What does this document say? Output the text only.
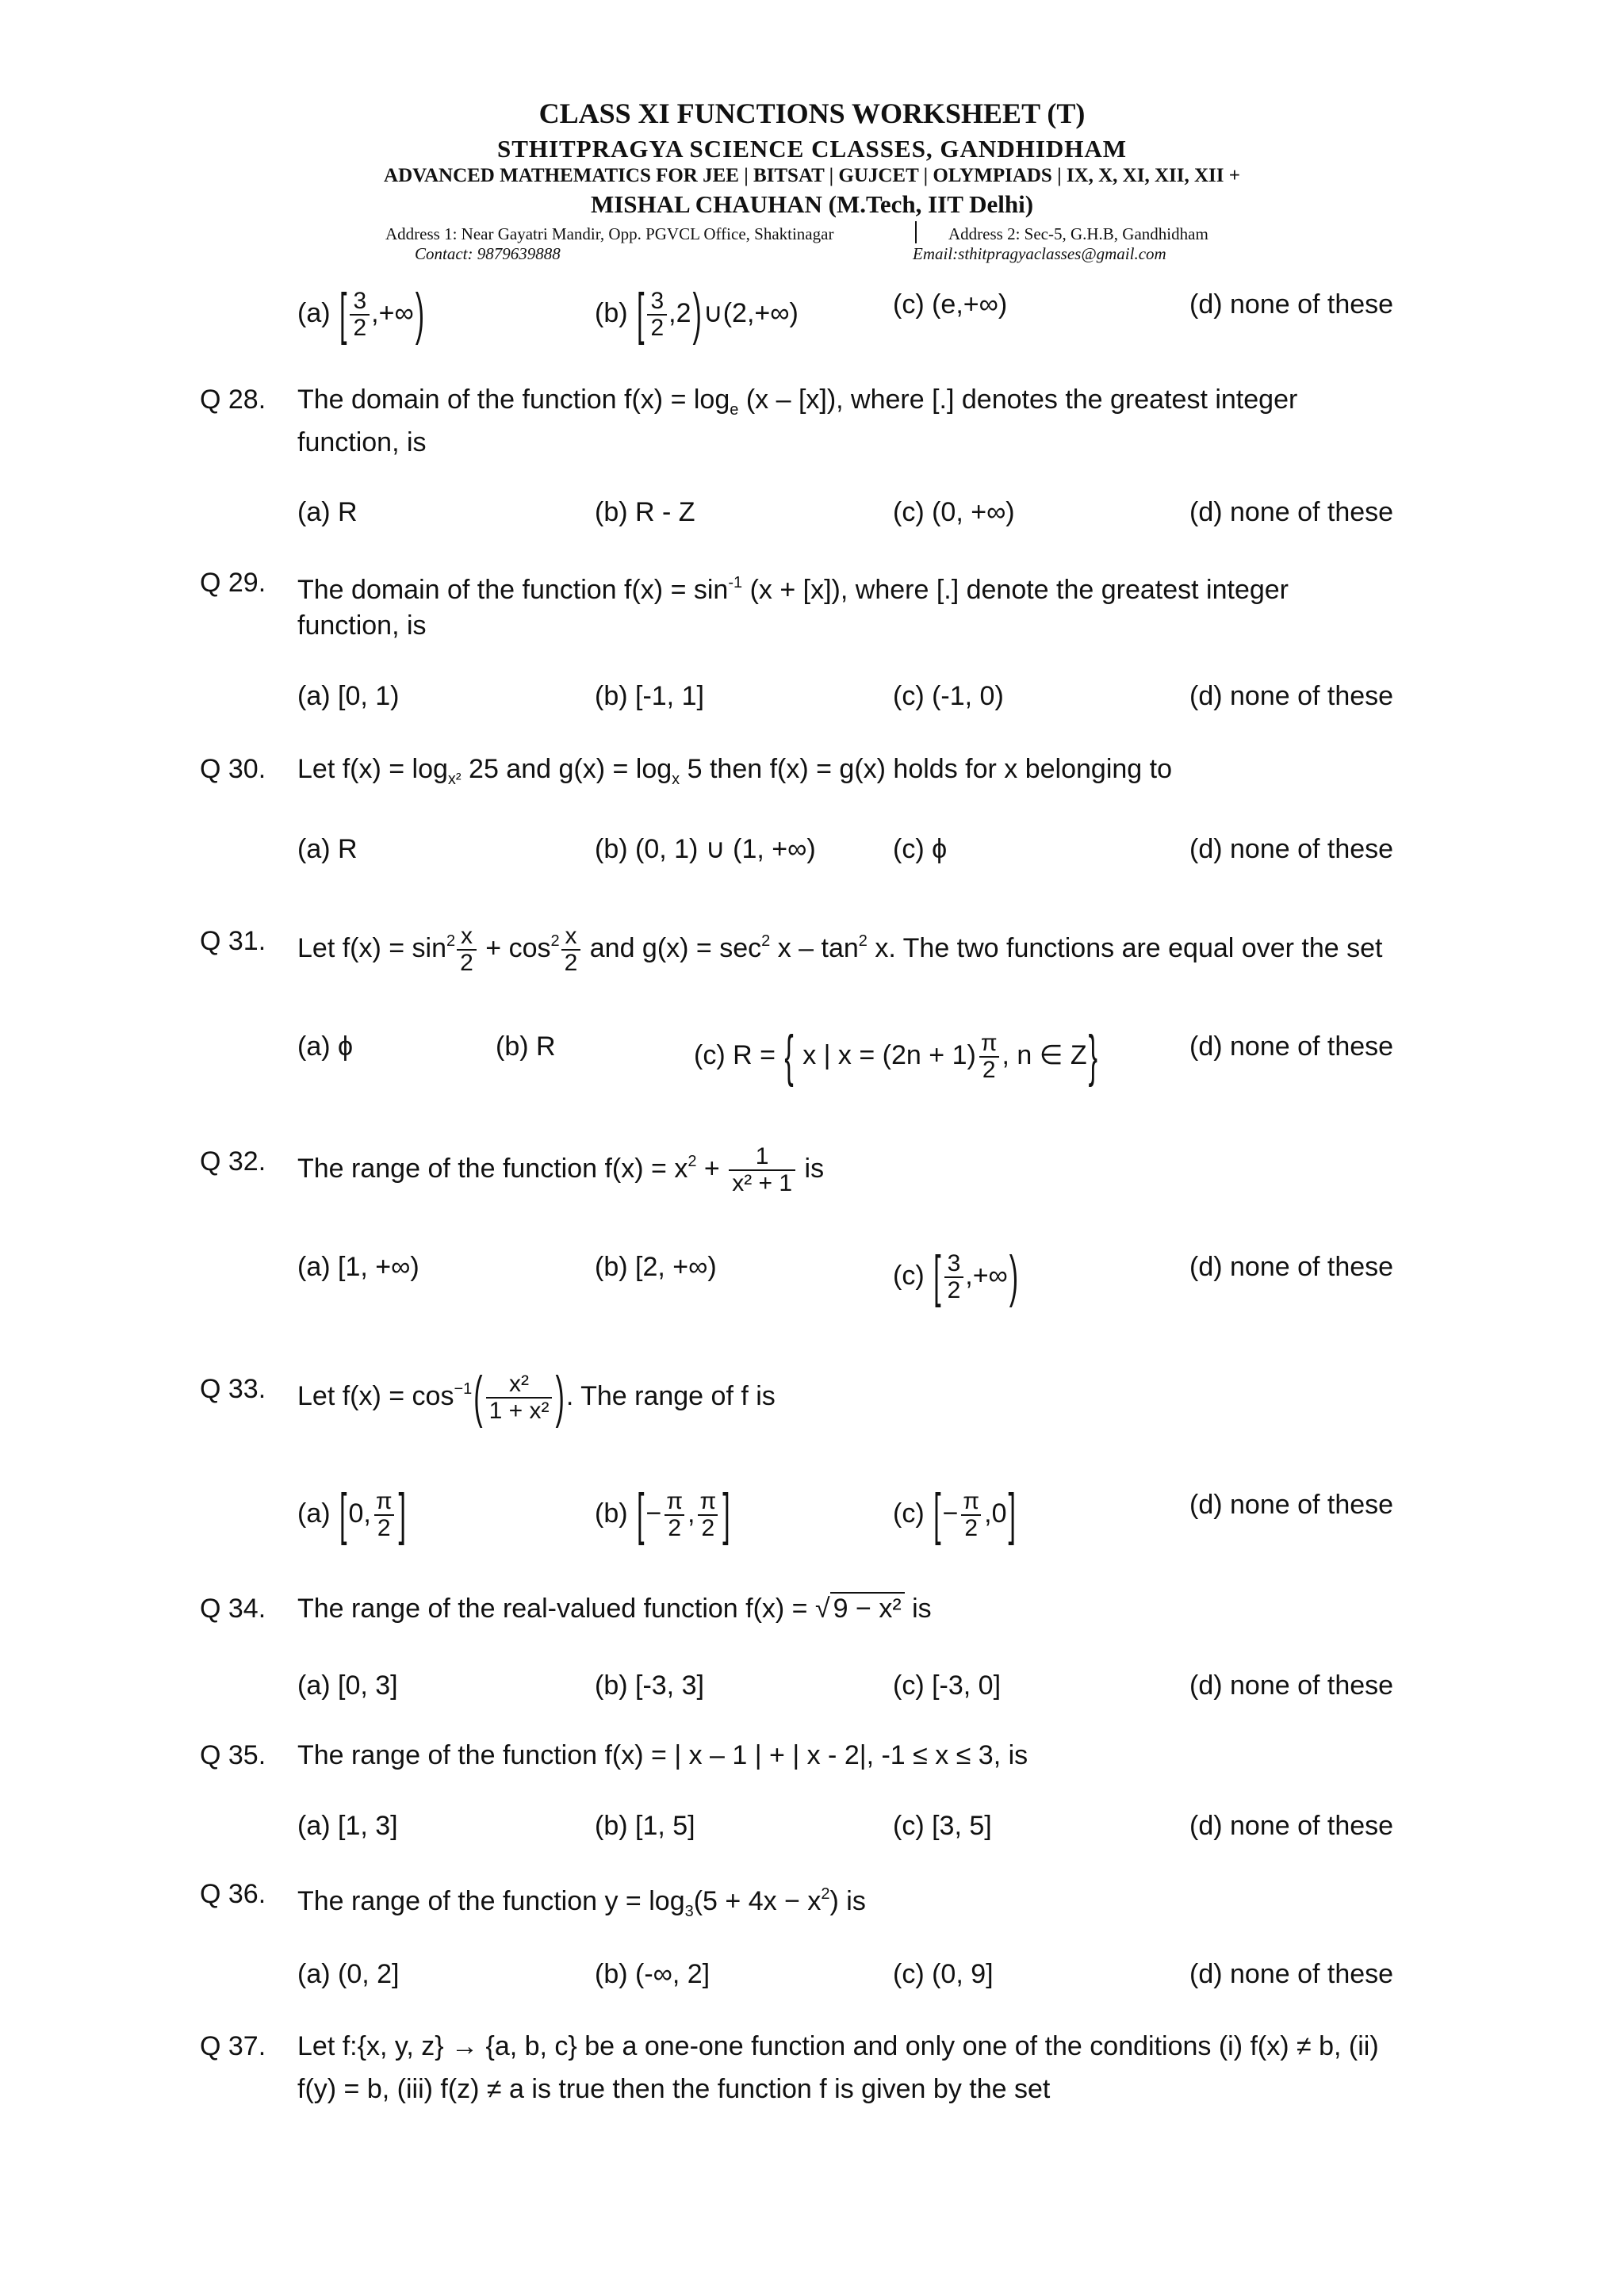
CLASS XI FUNCTIONS WORKSHEET (T)
STHITPRAGYA SCIENCE CLASSES, GANDHIDHAM
ADVANCED MATHEMATICS FOR JEE | BITSAT | GUJCET | OLYMPIADS | IX, X, XI, XII, XII +
MISHAL CHAUHAN (M.Tech, IIT Delhi)
Address 1: Near Gayatri Mandir, Opp. PGVCL Office, Shaktinagar	Address 2: Sec-5, G.H.B, Gandhidham
Contact: 9879639888	Email:sthitpragyaclasses@gmail.com
(a) [ $\frac{3}{2}$ ,+∞)	(b) [ $\frac{3}{2}$ ,2)∪(2,+∞)	(c) (e,+∞)	(d) none of these
Q 28. The domain of the function $f(x) = \log_e (x - [x])$, where [.] denotes the greatest integer
function, is
(a) R	(b) R - Z	(c) (0, +∞)	(d) none of these
Q 29. The domain of the function $f(x) = \sin^{-1} (x + [x])$, where [.] denote the greatest integer
function, is
(a) [0, 1)	(b) [-1, 1]	(c) (-1, 0)	(d) none of these
Q 30. Let $f(x) = \log_{x^2} 25$ and $g(x) = \log_x 5$ then f(x) = g(x) holds for x belonging to
(a) R	(b) (0, 1) ∪ (1, +∞)	(c) ϕ	(d) none of these
Q 31. Let $f(x) = \sin^2 \frac{x}{2} + \cos^2 \frac{x}{2}$ and $g(x) = \sec^2 x - \tan^2 x$. The two functions are equal over the set
(a) ϕ	(b) R	(c) R = { x | $x = (2n + 1) \frac{\pi}{2}$ , n ∈ Z}	(d) none of these
Q 32. The range of the function $f(x) = x^2 + \frac{1}{\text{x² + 1}}$ is
(a) [1, +∞)	(b) [2, +∞)	(c) [ $\frac{3}{2}$ ,+∞)	(d) none of these
Q 33. Let $f(x) = \cos^{-1}( \frac{\text{x²}}{\text{1 + x²}}$ ). The range of f is
(a) [0, $\frac{\pi}{2}$ ]	(b) [− $\frac{\pi}{2}$ , $\frac{\pi}{2}$ ]	(c) [− $\frac{\pi}{2} ,0$]	(d) none of these
Q 34. The range of the real-valued function f(x) = √ 9 − x² is
(a) [0, 3]	(b) [-3, 3]	(c) [-3, 0]	(d) none of these
Q 35. The range of the function f(x) = | x – 1 | + | x - 2|, -1 ≤ x ≤ 3, is
(a) [1, 3]	(b) [1, 5]	(c) [3, 5]	(d) none of these
Q 36. The range of the function $y = \log_3(5 + 4x - x^2)$ is
(a) (0, 2]	(b) (-∞, 2]	(c) (0, 9]	(d) none of these
Q 37. Let f:{x, y, z} → {a, b, c} be a one-one function and only one of the conditions (i) f(x) ≠ b, (ii)
f(y) = b, (iii) f(z) ≠ a is true then the function f is given by the set
